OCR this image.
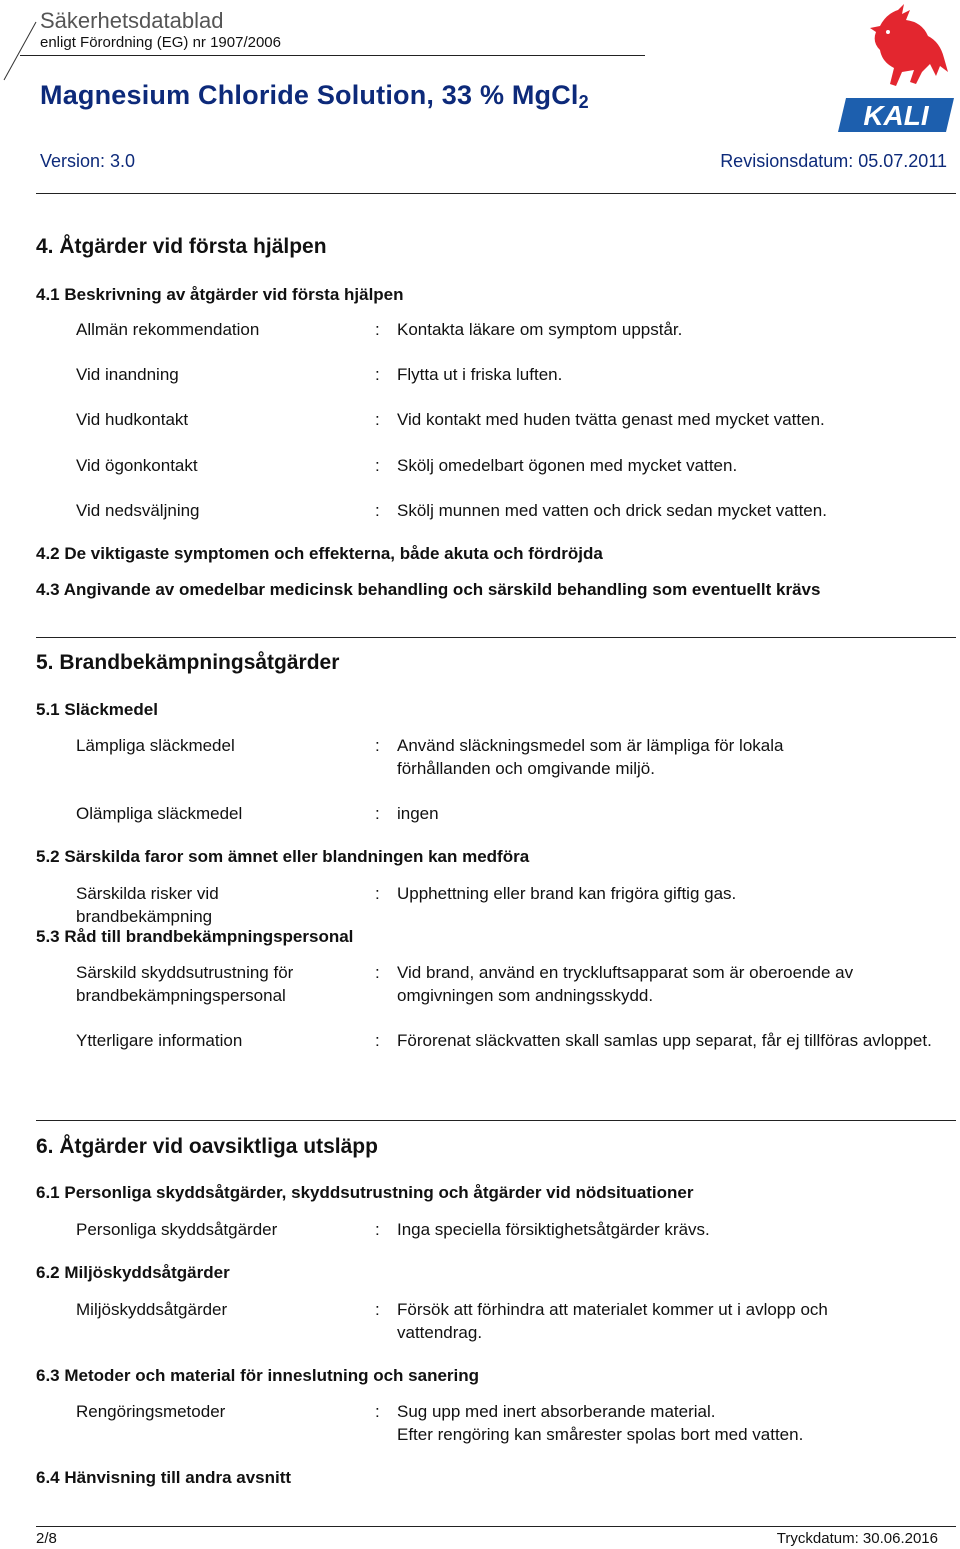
Säkerhetsdatablad
enligt Förordning (EG) nr 1907/2006
Magnesium Chloride Solution, 33 % MgCl$_2$
Version: 3.0	Revisionsdatum: 05.07.2011
KALI
4. Åtgärder vid första hjälpen
4.1 Beskrivning av åtgärder vid första hjälpen
Allmän rekommendation	: Kontakta läkare om symptom uppstår.
Vid inandning	: Flytta ut i friska luften.
Vid hudkontakt	: Vid kontakt med huden tvätta genast med mycket vatten.
Vid ögonkontakt	: Skölj omedelbart ögonen med mycket vatten.
Vid nedsväljning	: Skölj munnen med vatten och drick sedan mycket vatten.
4.2 De viktigaste symptomen och effekterna, både akuta och fördröjda
4.3 Angivande av omedelbar medicinsk behandling och särskild behandling som eventuellt krävs
5. Brandbekämpningsåtgärder
5.1 Släckmedel
Lämpliga släckmedel	: Använd släckningsmedel som är lämpliga för lokala förhållanden och omgivande miljö.
Olämpliga släckmedel	: ingen
5.2 Särskilda faror som ämnet eller blandningen kan medföra
Särskilda risker vid brandbekämpning
: Upphettning eller brand kan frigöra giftig gas.
5.3 Råd till brandbekämpningspersonal
Särskild skyddsutrustning för brandbekämpningspersonal
: Vid brand, använd en tryckluftsapparat som är oberoende av omgivningen som andningsskydd.
Ytterligare information	: Förorenat släckvatten skall samlas upp separat, får ej tillföras avloppet.
6. Åtgärder vid oavsiktliga utsläpp
6.1 Personliga skyddsåtgärder, skyddsutrustning och åtgärder vid nödsituationer
Personliga skyddsåtgärder	: Inga speciella försiktighetsåtgärder krävs.
6.2 Miljöskyddsåtgärder
Miljöskyddsåtgärder	: Försök att förhindra att materialet kommer ut i avlopp och vattendrag.
6.3 Metoder och material för inneslutning och sanering
Rengöringsmetoder	: Sug upp med inert absorberande material.
Efter rengöring kan smårester spolas bort med vatten.
6.4 Hänvisning till andra avsnitt
2/8	Tryckdatum: 30.06.2016
